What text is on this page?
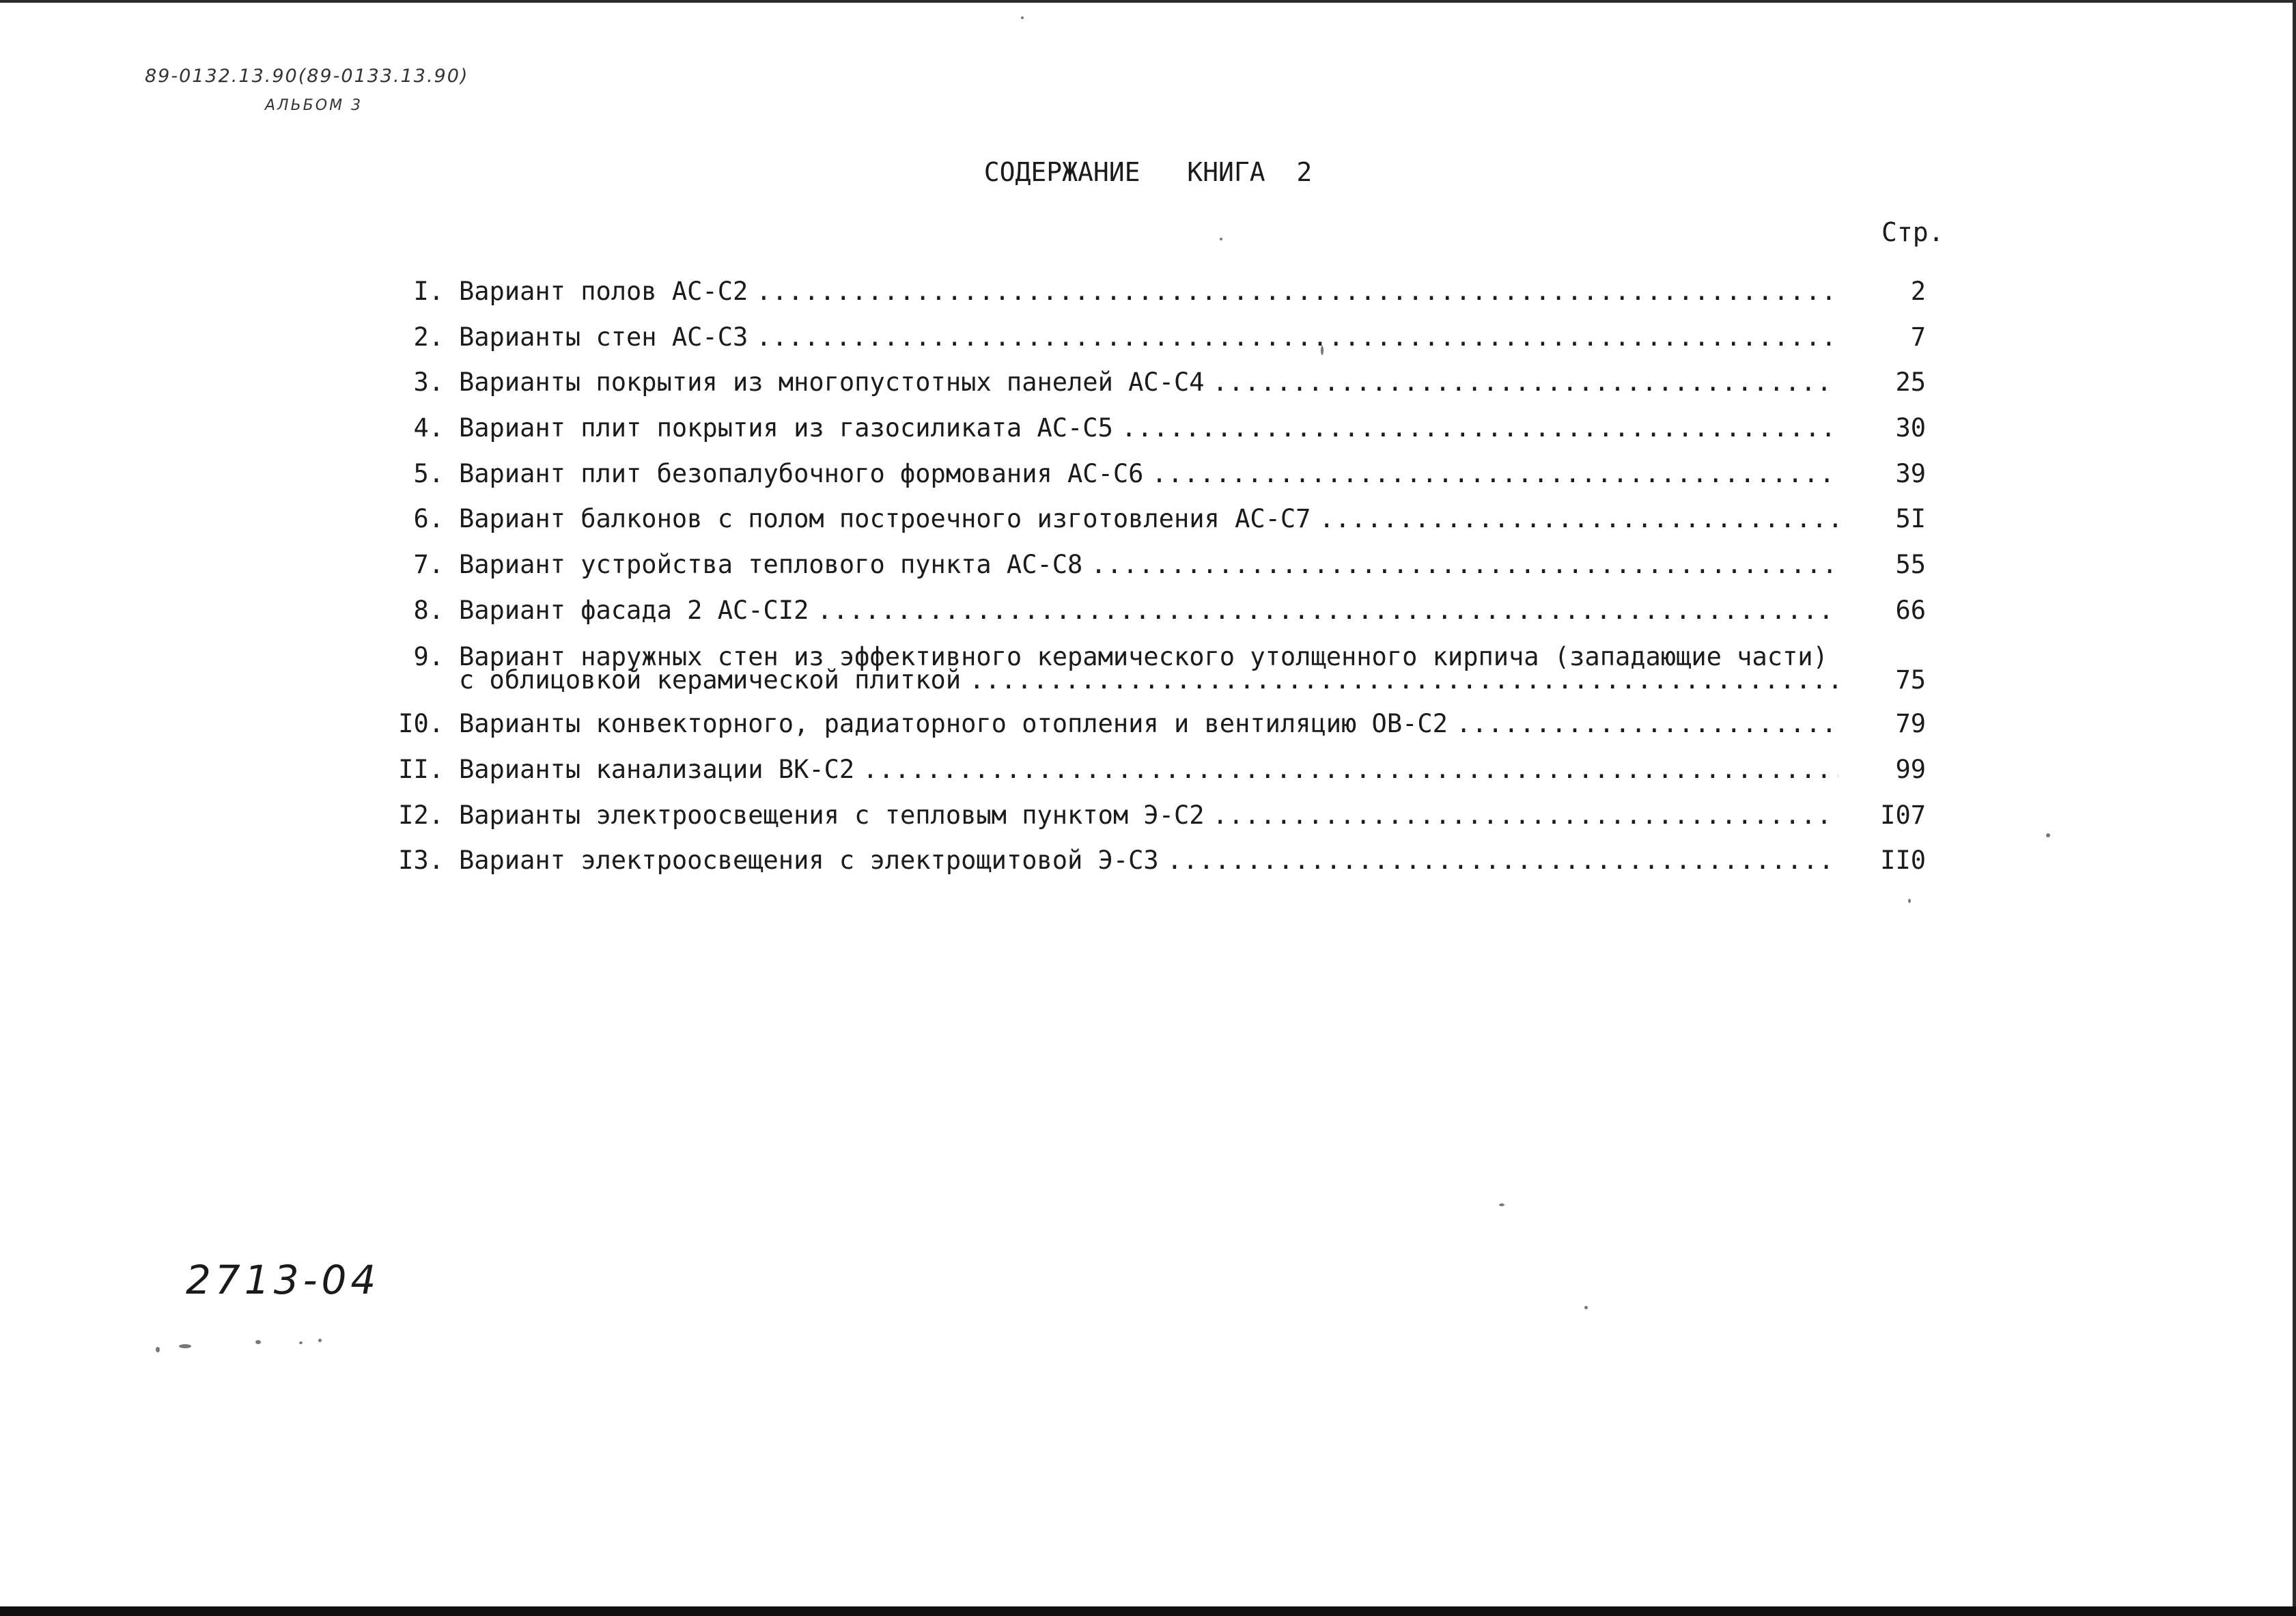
89-0132.13.90(89-0133.13.90)
АЛЬБОМ 3
СОДЕРЖАНИЕ   КНИГА  2
Стр.
I. Вариант полов АС-С2 .....	2
2. Варианты стен АС-С3 .....	7
3. Варианты покрытия из многопустотных панелей АС-С4 .....	25
4. Вариант плит покрытия из газосиликата АС-С5 .....	30
5. Вариант плит безопалубочного формования АС-С6 .....	39
6. Вариант балконов с полом построечного изготовления АС-С7 .....	5I
7. Вариант устройства теплового пункта АС-С8 .....	55
8. Вариант фасада 2 АС-СI2 .....	66
9. Вариант наружных стен из эффективного керамического утолщенного кирпича (западающие части)
с облицовкой керамической плиткой .....	75
I0. Варианты конвекторного, радиаторного отопления и вентиляцию ОВ-С2 .....	79
II. Варианты канализации ВК-С2 .....	99
I2. Варианты электроосвещения с тепловым пунктом Э-С2 .....	I07
I3. Вариант электроосвещения с электрощитовой Э-С3 .....	II0
2713-04
